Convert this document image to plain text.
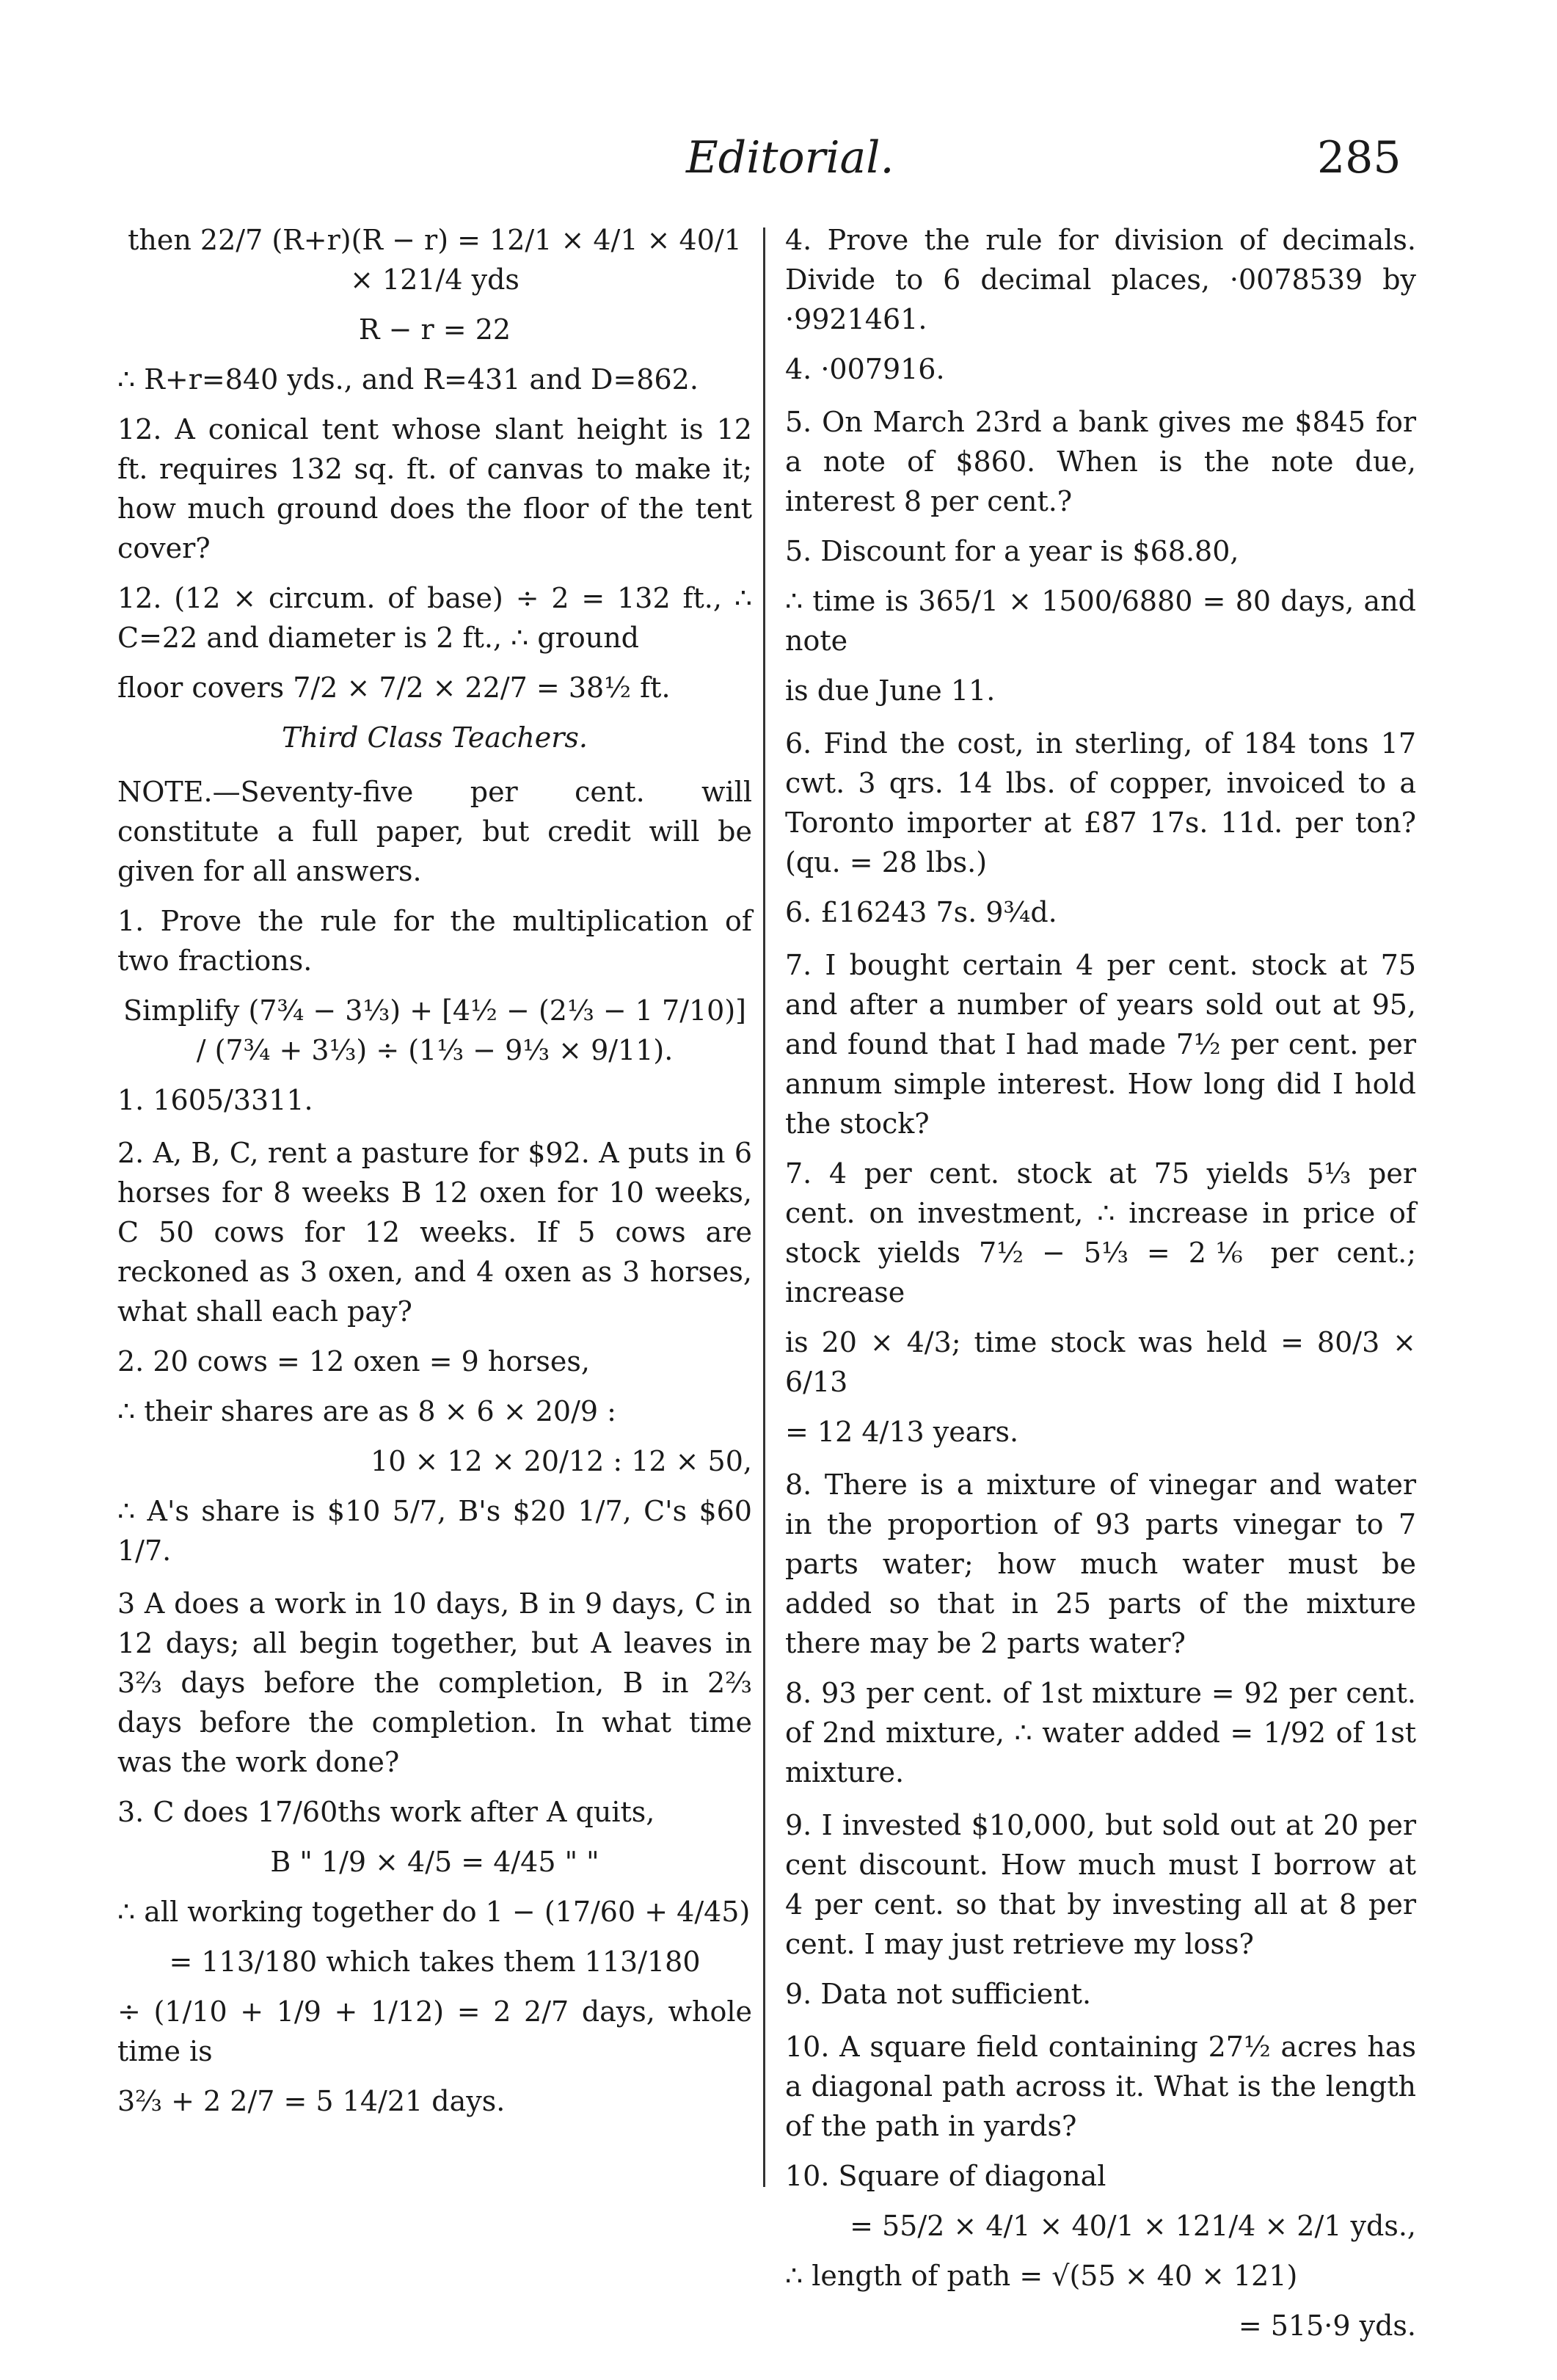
Editorial.	285

then 22/7 (R+r)(R − r) = 12/1 × 4/1 × 40/1 × 121/4 yds

R − r = 22

∴ R+r=840 yds., and R=431 and D=862.

12. A conical tent whose slant height is 12 ft. requires 132 sq. ft. of canvas to make it; how much ground does the floor of the tent cover?

12. (12 × circum. of base) ÷ 2 = 132 ft., ∴ C=22 and diameter is 2 ft., ∴ ground

floor covers 7/2 × 7/2 × 22/7 = 38½ ft.

Third Class Teachers.

NOTE.—Seventy-five per cent. will constitute a full paper, but credit will be given for all answers.

1. Prove the rule for the multiplication of two fractions.

Simplify (7¾ − 3⅓) + [4½ − (2⅓ − 1 7/10)] / (7¾ + 3⅓) ÷ (1⅓ − 9⅓ × 9/11).

1. 1605/3311.

2. A, B, C, rent a pasture for $92. A puts in 6 horses for 8 weeks B 12 oxen for 10 weeks, C 50 cows for 12 weeks. If 5 cows are reckoned as 3 oxen, and 4 oxen as 3 horses, what shall each pay?

2. 20 cows = 12 oxen = 9 horses,

∴ their shares are as 8 × 6 × 20/9 :

10 × 12 × 20/12 : 12 × 50,

∴ A's share is $10 5/7, B's $20 1/7, C's $60 1/7.

3 A does a work in 10 days, B in 9 days, C in 12 days; all begin together, but A leaves in 3⅔ days before the completion, B in 2⅔ days before the completion. In what time was the work done?

3. C does 17/60ths work after A quits,

B " 1/9 × 4/5 = 4/45 " "

∴ all working together do 1 − (17/60 + 4/45)

= 113/180 which takes them 113/180

÷ (1/10 + 1/9 + 1/12) = 2 2/7 days, whole time is

3⅔ + 2 2/7 = 5 14/21 days.

4. Prove the rule for division of decimals. Divide to 6 decimal places, ·0078539 by ·9921461.

4. ·007916.

5. On March 23rd a bank gives me $845 for a note of $860. When is the note due, interest 8 per cent.?

5. Discount for a year is $68.80,

∴ time is 365/1 × 1500/6880 = 80 days, and note

is due June 11.

6. Find the cost, in sterling, of 184 tons 17 cwt. 3 qrs. 14 lbs. of copper, invoiced to a Toronto importer at £87 17s. 11d. per ton? (qu. = 28 lbs.)

6. £16243 7s. 9¾d.

7. I bought certain 4 per cent. stock at 75 and after a number of years sold out at 95, and found that I had made 7½ per cent. per annum simple interest. How long did I hold the stock?

7. 4 per cent. stock at 75 yields 5⅓ per cent. on investment, ∴ increase in price of stock yields 7½ − 5⅓ = 2⅙ per cent.; increase

is 20 × 4/3; time stock was held = 80/3 × 6/13

= 12 4/13 years.

8. There is a mixture of vinegar and water in the proportion of 93 parts vinegar to 7 parts water; how much water must be added so that in 25 parts of the mixture there may be 2 parts water?

8. 93 per cent. of 1st mixture = 92 per cent. of 2nd mixture, ∴ water added = 1/92 of 1st mixture.

9. I invested $10,000, but sold out at 20 per cent discount. How much must I borrow at 4 per cent. so that by investing all at 8 per cent. I may just retrieve my loss?

9. Data not sufficient.

10. A square field containing 27½ acres has a diagonal path across it. What is the length of the path in yards?

10. Square of diagonal

= 55/2 × 4/1 × 40/1 × 121/4 × 2/1 yds.,

∴ length of path = √(55 × 40 × 121)

= 515·9 yds.
